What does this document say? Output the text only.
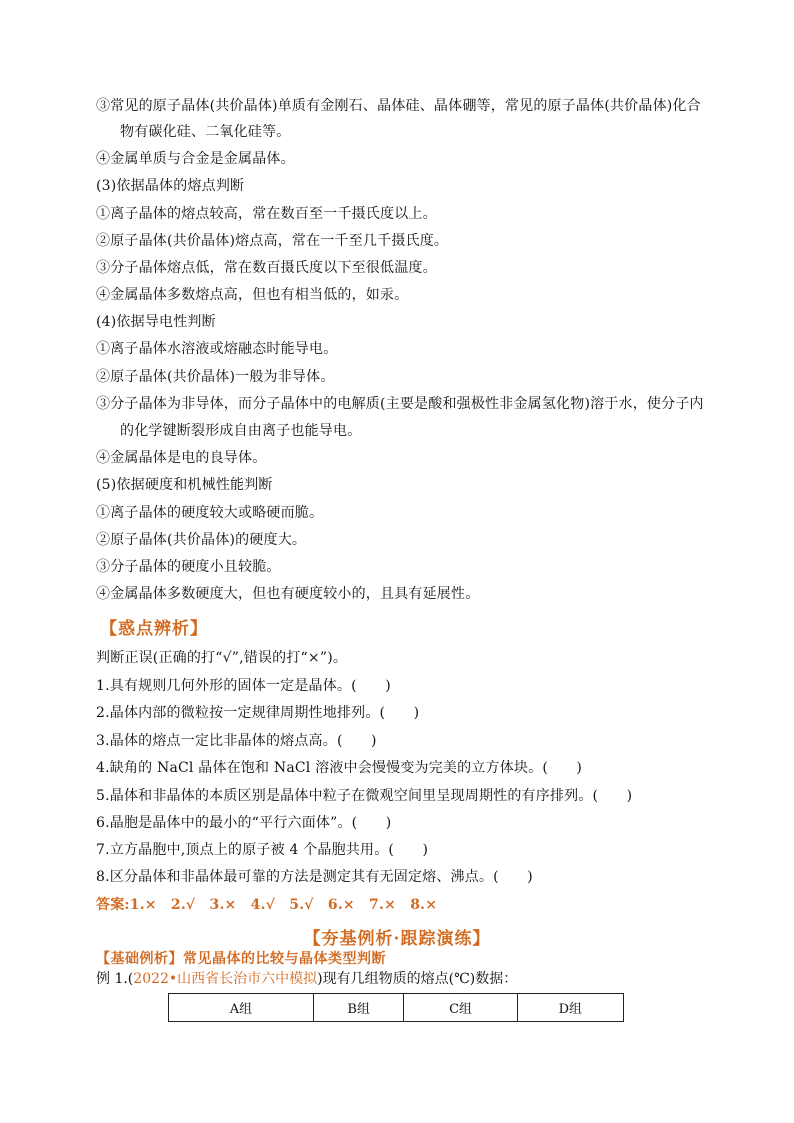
③常见的原子晶体(共价晶体)单质有金刚石、晶体硅、晶体硼等，常见的原子晶体(共价晶体)化合
物有碳化硅、二氧化硅等。
④金属单质与合金是金属晶体。
(3)依据晶体的熔点判断
①离子晶体的熔点较高，常在数百至一千摄氏度以上。
②原子晶体(共价晶体)熔点高，常在一千至几千摄氏度。
③分子晶体熔点低，常在数百摄氏度以下至很低温度。
④金属晶体多数熔点高，但也有相当低的，如汞。
(4)依据导电性判断
①离子晶体水溶液或熔融态时能导电。
②原子晶体(共价晶体)一般为非导体。
③分子晶体为非导体，而分子晶体中的电解质(主要是酸和强极性非金属氢化物)溶于水，使分子内
的化学键断裂形成自由离子也能导电。
④金属晶体是电的良导体。
(5)依据硬度和机械性能判断
①离子晶体的硬度较大或略硬而脆。
②原子晶体(共价晶体)的硬度大。
③分子晶体的硬度小且较脆。
④金属晶体多数硬度大，但也有硬度较小的，且具有延展性。
【惑点辨析】
判断正误(正确的打“√”,错误的打“×”)。
1.具有规则几何外形的固体一定是晶体。(　　)
2.晶体内部的微粒按一定规律周期性地排列。(　　)
3.晶体的熔点一定比非晶体的熔点高。(　　)
4.缺角的 NaCl 晶体在饱和 NaCl 溶液中会慢慢变为完美的立方体块。(　　)
5.晶体和非晶体的本质区别是晶体中粒子在微观空间里呈现周期性的有序排列。(　　)
6.晶胞是晶体中的最小的“平行六面体”。(　　)
7.立方晶胞中,顶点上的原子被 4 个晶胞共用。(　　)
8.区分晶体和非晶体最可靠的方法是测定其有无固定熔、沸点。(　　)
答案:1.×　2.√　3.×　4.√　5.√　6.×　7.×　8.×
【夯基例析·跟踪演练】
【基础例析】常见晶体的比较与晶体类型判断
例 1.(2022•山西省长治市六中模拟)现有几组物质的熔点(℃)数据：
A组	B组	C组	D组
